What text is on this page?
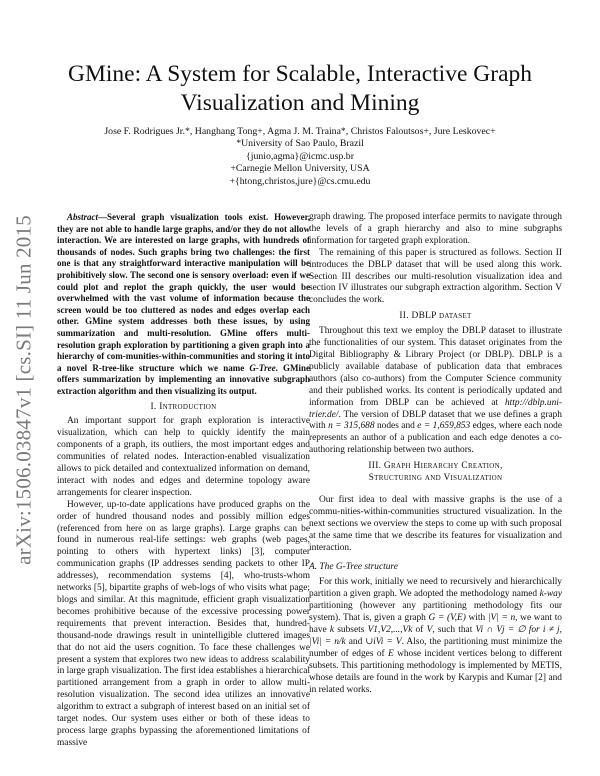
arXiv:1506.03847v1 [cs.SI] 11 Jun 2015
GMine: A System for Scalable, Interactive Graph Visualization and Mining
Jose F. Rodrigues Jr.*, Hanghang Tong+, Agma J. M. Traina*, Christos Faloutsos+, Jure Leskovec+
*University of Sao Paulo, Brazil
{junio,agma}@icmc.usp.br
+Carnegie Mellon University, USA
+{htong,christos,jure}@cs.cmu.edu

Abstract—Several graph visualization tools exist. However, they are not able to handle large graphs, and/or they do not allow interaction. We are interested on large graphs, with hundreds of thousands of nodes. Such graphs bring two challenges: the first one is that any straightforward interactive manipulation will be prohibitively slow. The second one is sensory overload: even if we could plot and replot the graph quickly, the user would be overwhelmed with the vast volume of information because the screen would be too cluttered as nodes and edges overlap each other. GMine system addresses both these issues, by using summarization and multi-resolution. GMine offers multi-resolution graph exploration by partitioning a given graph into a hierarchy of com-munities-within-communities and storing it into a novel R-tree-like structure which we name G-Tree. GMine offers summarization by implementing an innovative subgraph extraction algorithm and then visualizing its output.

I. Introduction

An important support for graph exploration is interactive visualization, which can help to quickly identify the main components of a graph, its outliers, the most important edges and communities of related nodes. Interaction-enabled visualization allows to pick detailed and contextualized information on demand, interact with nodes and edges and determine topology aware arrangements for clearer inspection.

However, up-to-date applications have produced graphs on the order of hundred thousand nodes and possibly million edges (referenced from here on as large graphs). Large graphs can be found in numerous real-life settings: web graphs (web pages, pointing to others with hypertext links) [3], computer communication graphs (IP addresses sending packets to other IP addresses), recommendation systems [4], who-trusts-whom networks [5], bipartite graphs of web-logs of who visits what page; blogs and similar. At this magnitude, efficient graph visualization becomes prohibitive because of the excessive processing power requirements that prevent interaction. Besides that, hundred-thousand-node drawings result in unintelligible cluttered images that do not aid the users cognition. To face these challenges we present a system that explores two new ideas to address scalability in large graph visualization. The first idea establishes a hierarchical partitioned arrangement from a graph in order to allow multi-resolution visualization. The second idea utilizes an innovative algorithm to extract a subgraph of interest based on an initial set of target nodes. Our system uses either or both of these ideas to process large graphs bypassing the aforementioned limitations of massive

graph drawing. The proposed interface permits to navigate through the levels of a graph hierarchy and also to mine subgraphs information for targeted graph exploration.

The remaining of this paper is structured as follows. Section II introduces the DBLP dataset that will be used along this work. Section III describes our multi-resolution visualization idea and section IV illustrates our subgraph extraction algorithm. Section V concludes the work.

II. DBLP dataset

Throughout this text we employ the DBLP dataset to illustrate the functionalities of our system. This dataset originates from the Digital Bibliography & Library Project (or DBLP). DBLP is a publicly available database of publication data that embraces authors (also co-authors) from the Computer Science community and their published works. Its content is periodically updated and information from DBLP can be achieved at http://dblp.uni-trier.de/. The version of DBLP dataset that we use defines a graph with n = 315,688 nodes and e = 1,659,853 edges, where each node represents an author of a publication and each edge denotes a co-authoring relationship between two authors.

III. Graph Hierarchy Creation,

Structuring and Visualization

Our first idea to deal with massive graphs is the use of a commu-nities-within-communities structured visualization. In the next sections we overview the steps to come up with such proposal at the same time that we describe its features for visualization and interaction.

A. The G-Tree structure

For this work, initially we need to recursively and hierarchically partition a given graph. We adopted the methodology named k-way partitioning (however any partitioning methodology fits our system). That is, given a graph G = (V,E) with |V| = n, we want to have k subsets V1,V2,...,Vk of V, such that Vi ∩ Vj = ∅ for i ≠ j, |Vi| = n/k and ∪iVi = V. Also, the partitioning must minimize the number of edges of E whose incident vertices belong to different subsets. This partitioning methodology is implemented by METIS, whose details are found in the work by Karypis and Kumar [2] and in related works.
